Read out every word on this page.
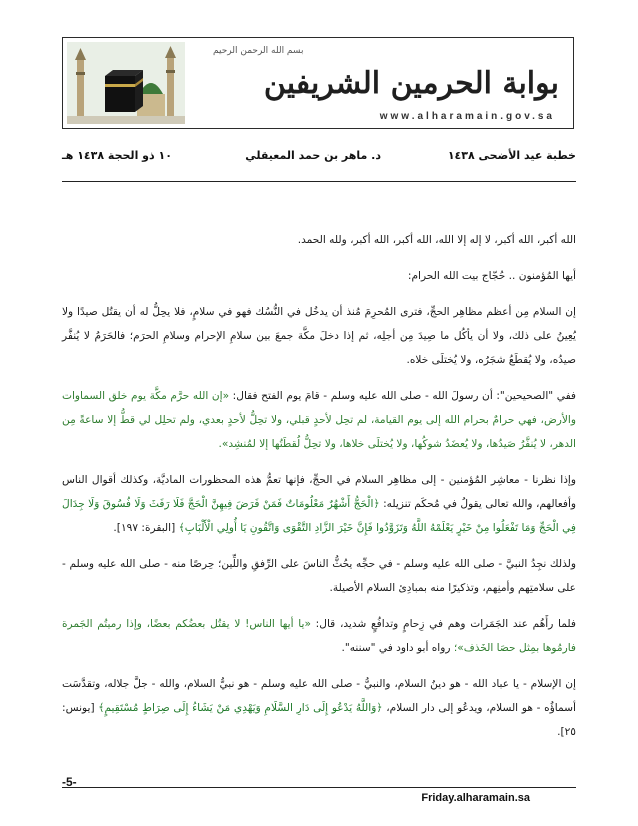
بسم الله الرحمن الرحيم
بوابة الحرمين الشريفين
www.alharamain.gov.sa
خطبة عيد الأضحى ١٤٣٨
د. ماهر بن حمد المعيقلي
١٠ ذو الحجة ١٤٣٨ هـ

الله أكبر، الله أكبر، لا إله إلا الله، الله أكبر، الله أكبر، ولله الحمد.

أيها المُؤمنون .. حُجّاج بيت الله الحرام:

إن السلام مِن أعظم مظاهِر الحجِّ، فترى المُحرِمَ مُنذ أن يدخُل في النُّسُك فهو في سلامٍ، فلا يحِلُّ له أن يقتُل صيدًا ولا يُعِينُ على ذلك، ولا أن يأكُل ما صِيدَ مِن أجلِه، ثم إذا دخلَ مكَّة جمعَ بين سلامِ الإحرام وسلامِ الحرَم؛ فالحَرَمُ لا يُنفَّر صيدُه، ولا يُقطَعُ شجَرُه، ولا يُختلَى خلاه.

ففي "الصحيحين": أن رسولَ الله - صلى الله عليه وسلم - قامَ يوم الفتح فقال: «إن الله حرَّم مكَّة يوم خلق السماوات والأرض، فهي حرامٌ بحرام الله إلى يوم القيامة، لم تحِل لأحدٍ قبلي، ولا تحِلُّ لأحدٍ بعدي، ولم تحلِل لي قطُّ إلا ساعةً مِن الدهر، لا يُنفَّرُ صَيدُها، ولا يُعضَدُ شوكُها، ولا يُختلَى خلاها، ولا تحِلُّ لُقطَتُها إلا لمُنشِد».

وإذا نظرنا - معاشِر المُؤمنين - إلى مظاهِر السلام في الحجِّ، فإنها تعمُّ هذه المحظورات الماديَّة، وكذلك أقوال الناس وأفعالهم، والله تعالى يقولُ في مُحكَم تنزيله: ﴿الْحَجُّ أَشْهُرٌ مَعْلُومَاتٌ فَمَنْ فَرَضَ فِيهِنَّ الْحَجَّ فَلَا رَفَثَ وَلَا فُسُوقَ وَلَا جِدَالَ فِي الْحَجِّ وَمَا تَفْعَلُوا مِنْ خَيْرٍ يَعْلَمْهُ اللَّهُ وَتَزَوَّدُوا فَإِنَّ خَيْرَ الزَّادِ التَّقْوَى وَاتَّقُونِ يَا أُولِي الْأَلْبَابِ﴾ [البقرة: ١٩٧].

ولذلك نجِدُ النبيَّ - صلى الله عليه وسلم - في حجِّه يحُثُّ الناسَ على الرِّفقِ واللِّين؛ حِرصًا منه - صلى الله عليه وسلم - على سلامتِهم وأمنِهم، وتذكيرًا منه بمبادِئ السلام الأصيلة.

فلما رأَهُم عند الجَمَرات وهم في زِحامٍ وتدافُعٍ شديد، قال: «يا أيها الناس! لا يقتُل بعضُكم بعضًا، وإذا رميتُم الجَمرة فارمُوها بمِثل حصَا الخَذف»؛ رواه أبو داود في "سننه".

إن الإسلام - يا عباد الله - هو دينُ السلام، والنبيُّ - صلى الله عليه وسلم - هو نبيُّ السلام، والله - جلَّ جلاله، وتقدَّسَت أسماؤُه - هو السلام، ويدعُو إلى دار السلام، ﴿وَاللَّهُ يَدْعُو إِلَى دَارِ السَّلَامِ وَيَهْدِي مَنْ يَشَاءُ إِلَى صِرَاطٍ مُسْتَقِيمٍ﴾ [يونس: ٢٥].

-5-
Friday.alharamain.sa
